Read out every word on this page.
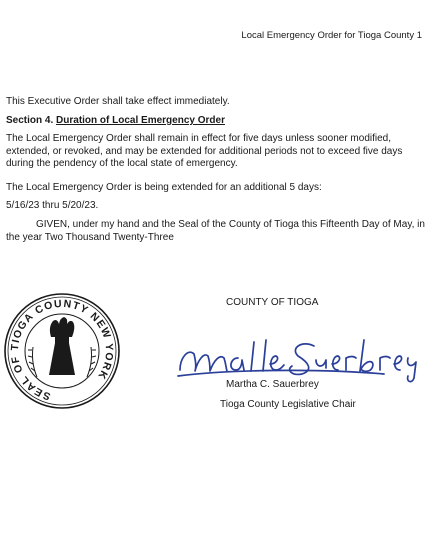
Local Emergency Order for Tioga County 1
This Executive Order shall take effect immediately.
Section 4. Duration of Local Emergency Order
The Local Emergency Order shall remain in effect for five days unless sooner modified, extended, or revoked, and may be extended for additional periods not to exceed five days during the pendency of the local state of emergency.
The Local Emergency Order is being extended for an additional 5 days:
5/16/23 thru 5/20/23.
GIVEN, under my hand and the Seal of the County of Tioga this Fifteenth Day of May, in the year Two Thousand Twenty-Three
SEAL OF TIOGA COUNTY NEW YORK
COUNTY OF TIOGA
Martha C. Sauerbrey
Tioga County Legislative Chair
